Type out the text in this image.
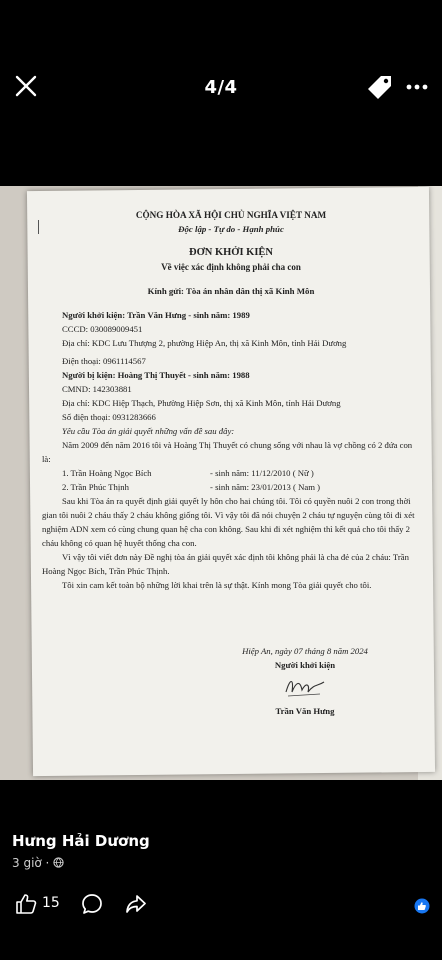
4/4

CỘNG HÒA XÃ HỘI CHỦ NGHĨA VIỆT NAM

Độc lập - Tự do - Hạnh phúc

ĐƠN KHỞI KIỆN

Về việc xác định không phải cha con

Kính gửi: Tòa án nhân dân thị xã Kinh Môn

Người khởi kiện: Trần Văn Hưng - sinh năm: 1989

CCCD: 030089009451

Địa chỉ: KDC Lưu Thượng 2, phường Hiệp An, thị xã Kinh Môn, tỉnh Hải Dương

Điện thoại: 0961114567

Người bị kiện: Hoàng Thị Thuyết - sinh năm: 1988

CMND: 142303881

Địa chỉ: KDC Hiệp Thạch, Phường Hiệp Sơn, thị xã Kinh Môn, tỉnh Hải Dương

Số điện thoại: 0931283666

Yêu cầu Tòa án giải quyết những vấn đề sau đây:

Năm 2009 đến năm 2016 tôi và Hoàng Thị Thuyết có chung sống với nhau là vợ chồng có 2 đứa con là:

1. Trần Hoàng Ngọc Bích	- sinh năm: 11/12/2010 ( Nữ )
2. Trần Phúc Thịnh	- sinh năm: 23/01/2013 ( Nam )

Sau khi Tòa án ra quyết định giải quyết ly hôn cho hai chúng tôi. Tôi có quyền nuôi 2 con trong thời gian tôi nuôi 2 cháu thấy 2 cháu không giống tôi. Vì vậy tôi đã nói chuyện 2 cháu tự nguyện cùng tôi đi xét nghiệm ADN xem có cùng chung quan hệ cha con không. Sau khi đi xét nghiệm thì kết quả cho tôi thấy 2 cháu không có quan hệ huyết thống cha con.

Vì vậy tôi viết đơn này Đề nghị tòa án giải quyết xác định tôi không phải là cha đẻ của 2 cháu: Trần Hoàng Ngọc Bích, Trần Phúc Thịnh.

Tôi xin cam kết toàn bộ những lời khai trên là sự thật. Kính mong Tòa giải quyết cho tôi.

Hiệp An, ngày 07 tháng 8 năm 2024

Người khởi kiện

Trần Văn Hưng

Hưng Hải Dương
3 giờ ·
15
